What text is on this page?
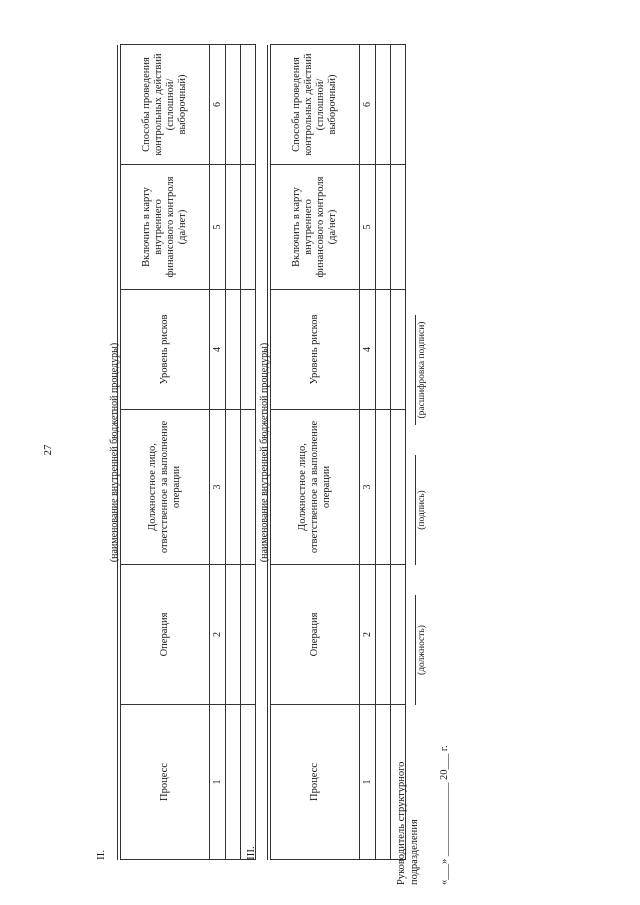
27
II.
(наименование внутренней бюджетной процедуры)
Процесс	Операция	Должностное лицо, ответственное за выполнение операции	Уровень рисков	Включить в карту внутреннего финансового контроля (да/нет)	Способы проведения контрольных действий (сплошной/выборочный)
1	2	3	4	5	6

III.
(наименование внутренней бюджетной процедуры)
Процесс	Операция	Должностное лицо, ответственное за выполнение операции	Уровень рисков	Включить в карту внутреннего финансового контроля (да/нет)	Способы проведения контрольных действий (сплошной/выборочный)
1	2	3	4	5	6

Руководитель структурного подразделения
(должность)
(подпись)
(расшифровка подписи)
«___» ______________ 20___ г.
